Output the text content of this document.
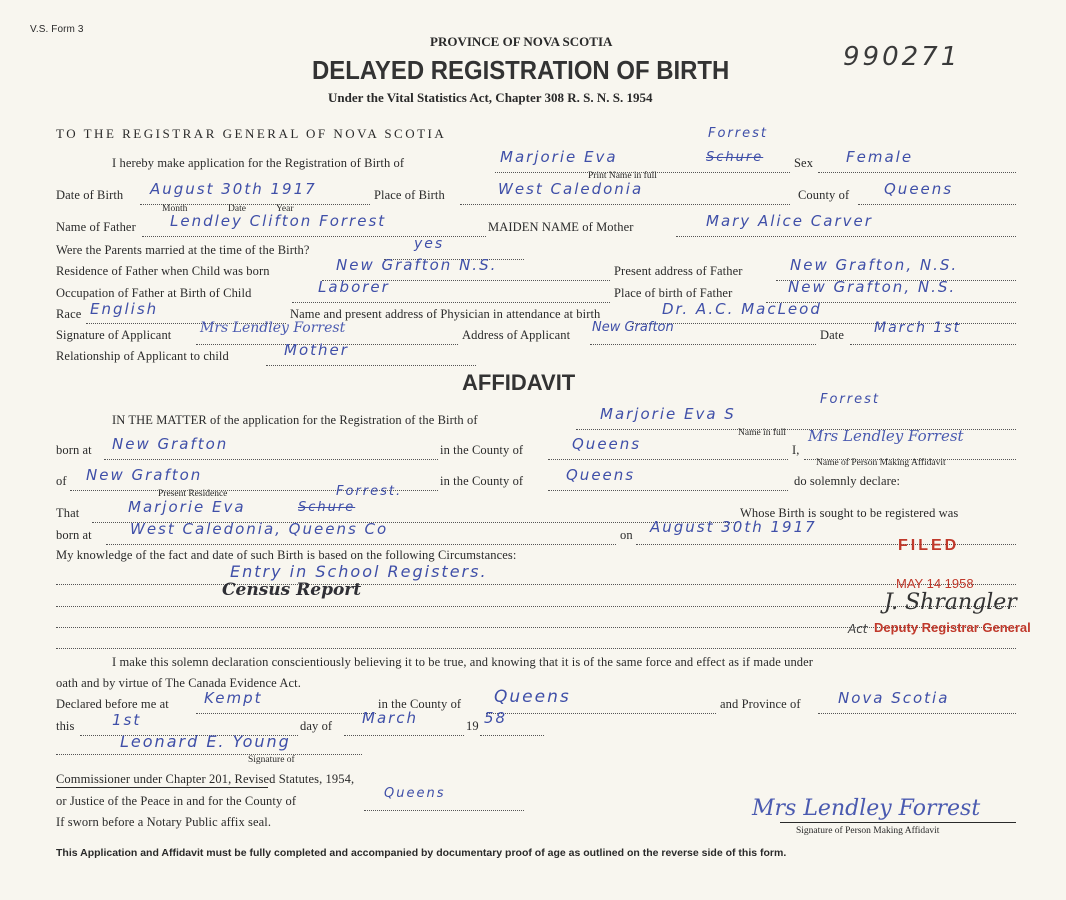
V.S. Form 3
PROVINCE OF NOVA SCOTIA
DELAYED REGISTRATION OF BIRTH
Under the Vital Statistics Act, Chapter 308 R. S. N. S. 1954
990271
TO THE REGISTRAR GENERAL OF NOVA SCOTIA
I hereby make application for the Registration of Birth of	Marjorie Eva	Schure
Forrest
Sex Female
Print Name in full
Date of Birth August 30th 1917
Month	Date	Year
Place of Birth	West Caledonia	County of Queens
Name of Father Lendley Clifton Forrest	MAIDEN NAME of Mother	Mary Alice Carver
Were the Parents married at the time of the Birth?	yes
Residence of Father when Child was born	New Grafton N.S.	Present address of Father	New Grafton, N.S.
Occupation of Father at Birth of Child	Laborer	Place of birth of Father	New Grafton, N.S.
Race English	Name and present address of Physician in attendance at birth	Dr. A.C. MacLeod
Signature of Applicant Mrs Lendley Forrest	Address of Applicant New Grafton	Date March 1st
Relationship of Applicant to child	Mother
AFFIDAVIT
IN THE MATTER of the application for the Registration of the Birth of	Marjorie Eva S
Forrest
Name in full
born at New Grafton	in the County of	Queens	I,
Mrs Lendley Forrest
Name of Person Making Affidavit
of New Grafton	in the County of	Queens	do solemnly declare:
Present Residence
That	Marjorie Eva	Schure
Forrest.
Whose Birth is sought to be registered was
born at	West Caledonia, Queens Co	on August 30th 1917
My knowledge of the fact and date of such Birth is based on the following Circumstances:
Entry in School Registers.
Census Report
FILED
MAY 14 1958
J. Shrangler
Deputy Registrar General
Act
I make this solemn declaration conscientiously believing it to be true, and knowing that it is of the same force and effect as if made under
oath and by virtue of The Canada Evidence Act.
Declared before me at Kempt	in the County of Queens	and Province of Nova Scotia
this	1st	day of March	19 58
Leonard E. Young
Signature of
Commissioner under Chapter 201, Revised Statutes, 1954,
or Justice of the Peace in and for the County of	Queens
If sworn before a Notary Public affix seal.
Mrs Lendley Forrest
Signature of Person Making Affidavit
This Application and Affidavit must be fully completed and accompanied by documentary proof of age as outlined on the reverse side of this form.
